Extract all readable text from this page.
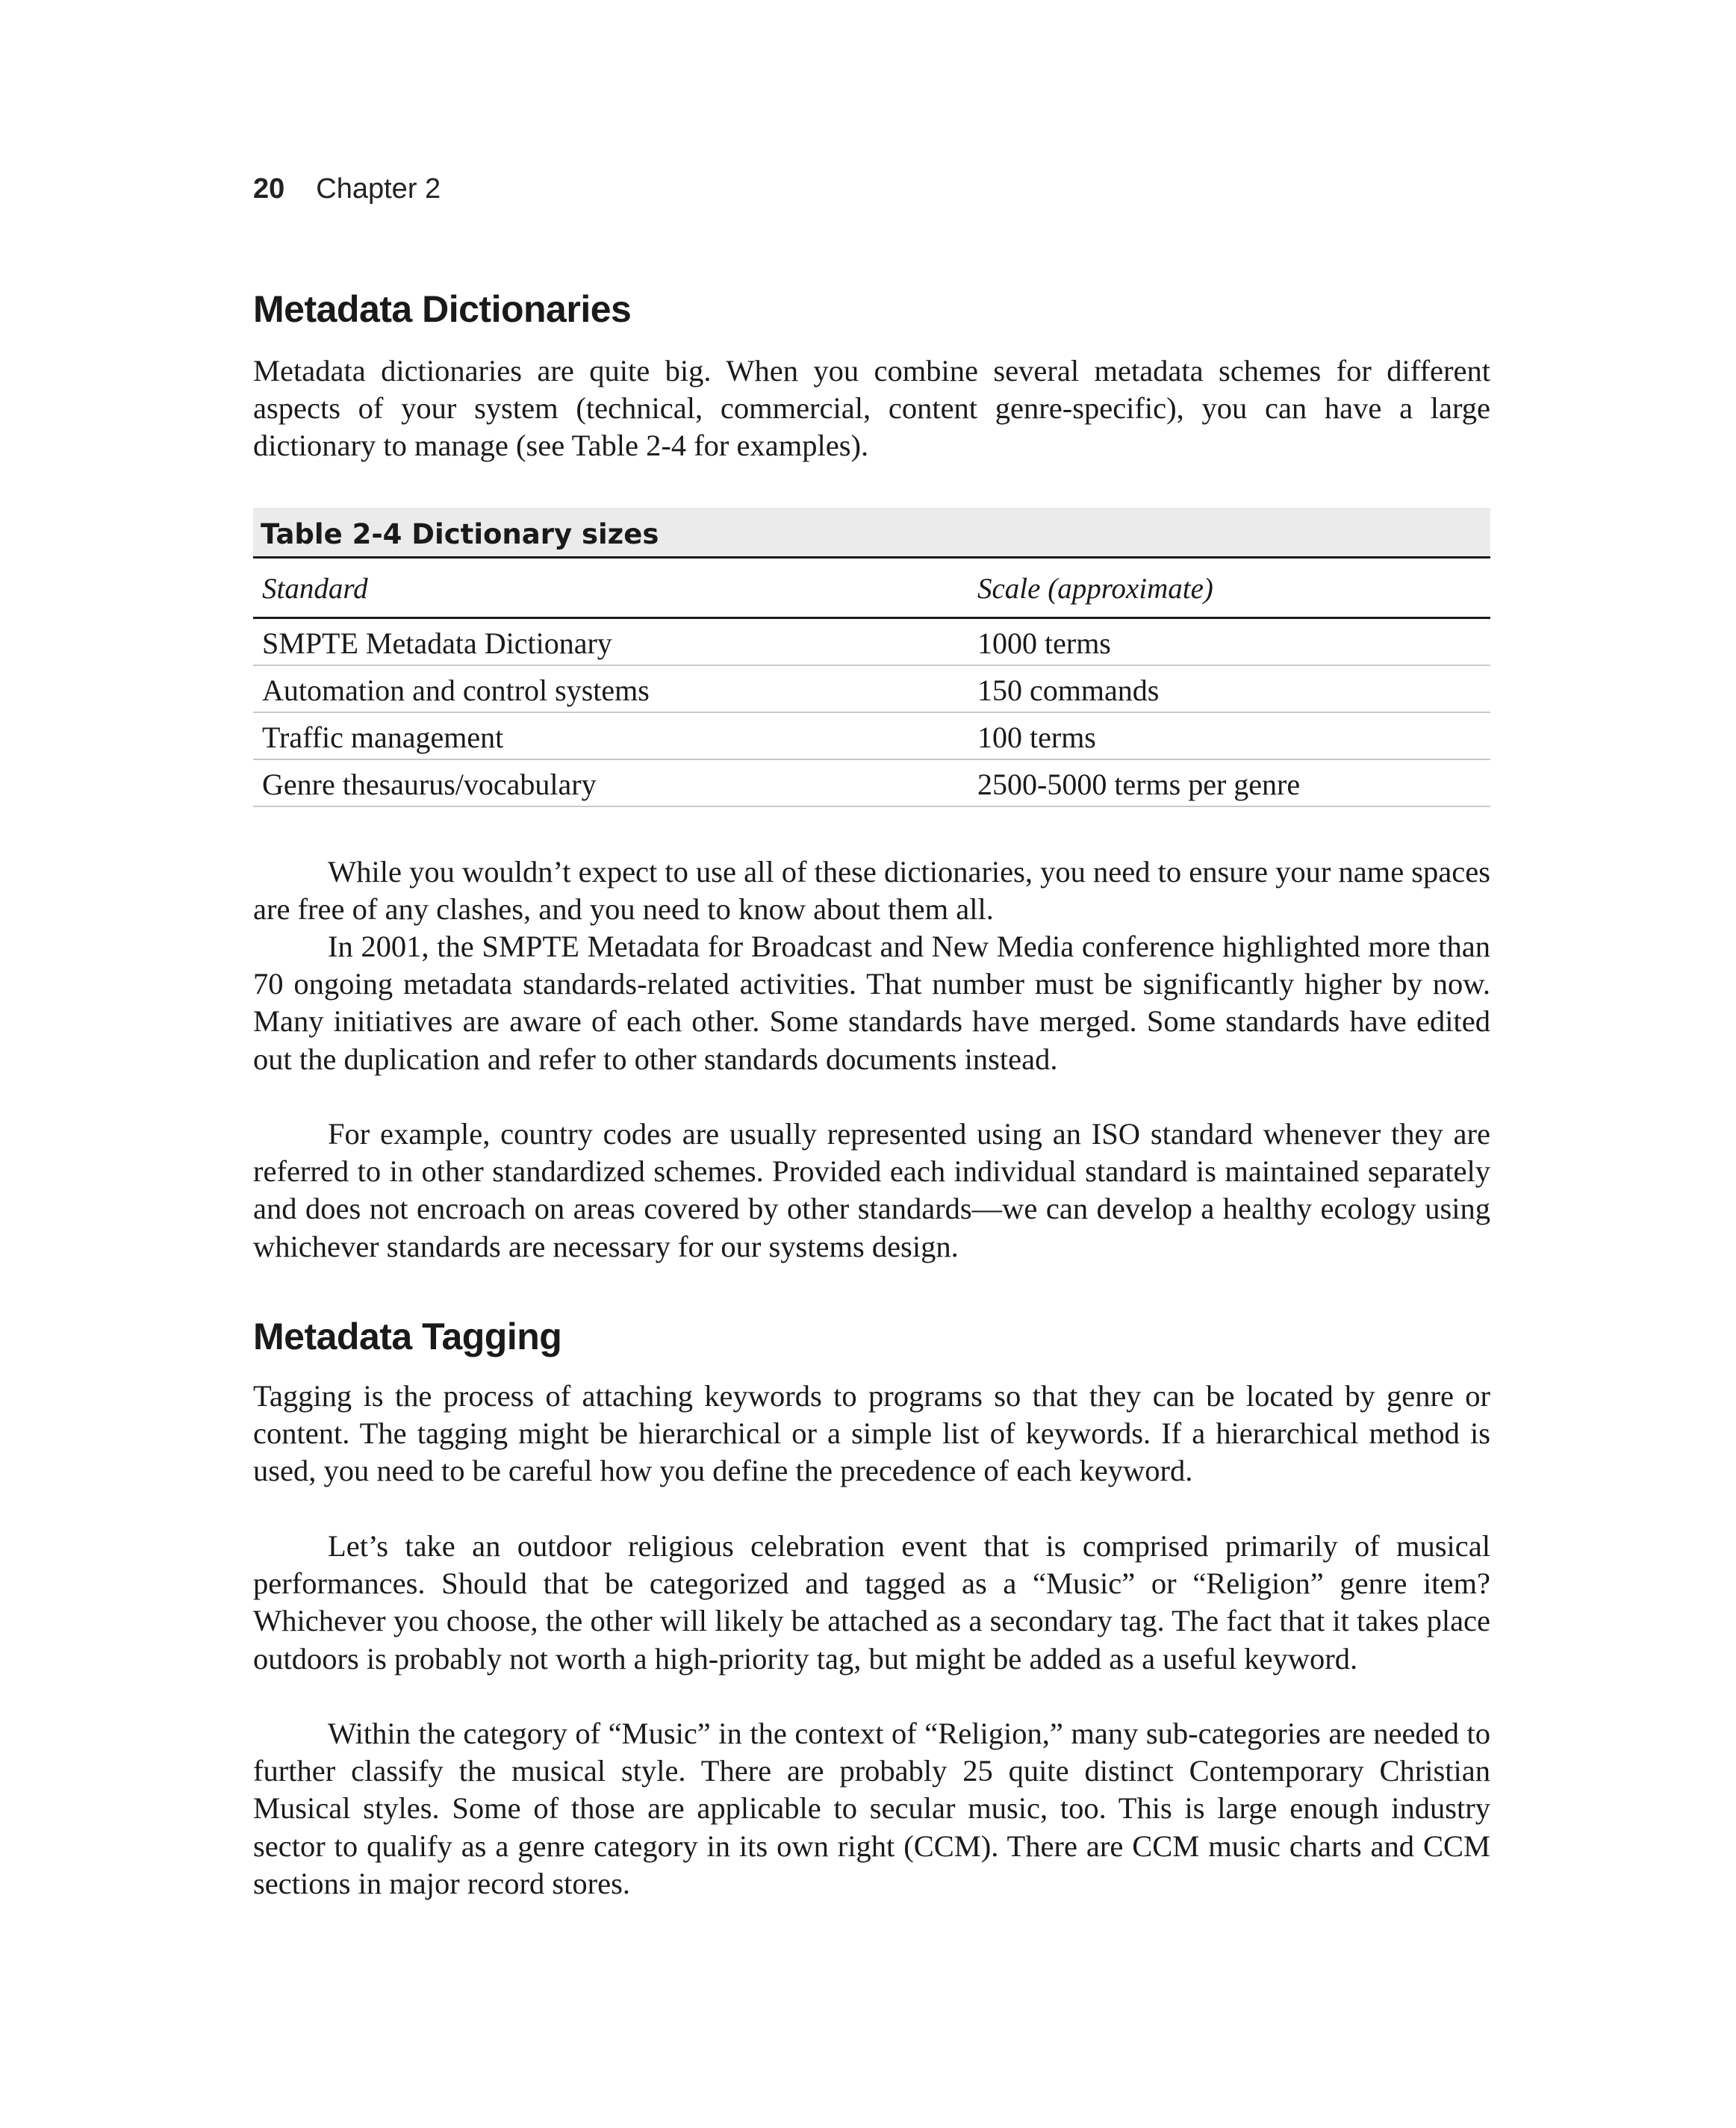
20 Chapter 2
Metadata Dictionaries

Metadata dictionaries are quite big. When you combine several metadata schemes for different aspects of your system (technical, commercial, content genre-specific), you can have a large dictionary to manage (see Table 2-4 for examples).

Table 2-4 Dictionary sizes
Standard	Scale (approximate)
SMPTE Metadata Dictionary	1000 terms
Automation and control systems	150 commands
Traffic management	100 terms
Genre thesaurus/vocabulary	2500-5000 terms per genre

While you wouldn’t expect to use all of these dictionaries, you need to ensure your name spaces are free of any clashes, and you need to know about them all.

In 2001, the SMPTE Metadata for Broadcast and New Media conference highlighted more than 70 ongoing metadata standards-related activities. That number must be significantly higher by now. Many initiatives are aware of each other. Some standards have merged. Some standards have edited out the duplication and refer to other standards documents instead.

For example, country codes are usually represented using an ISO standard whenever they are referred to in other standardized schemes. Provided each individual standard is maintained separately and does not encroach on areas covered by other standards—we can develop a healthy ecology using whichever standards are necessary for our systems design.

Metadata Tagging

Tagging is the process of attaching keywords to programs so that they can be located by genre or content. The tagging might be hierarchical or a simple list of keywords. If a hierarchical method is used, you need to be careful how you define the precedence of each keyword.

Let’s take an outdoor religious celebration event that is comprised primarily of musical performances. Should that be categorized and tagged as a “Music” or “Religion” genre item? Whichever you choose, the other will likely be attached as a secondary tag. The fact that it takes place outdoors is probably not worth a high-priority tag, but might be added as a useful keyword.

Within the category of “Music” in the context of “Religion,” many sub-categories are needed to further classify the musical style. There are probably 25 quite distinct Contemporary Christian Musical styles. Some of those are applicable to secular music, too. This is large enough industry sector to qualify as a genre category in its own right (CCM). There are CCM music charts and CCM sections in major record stores.
